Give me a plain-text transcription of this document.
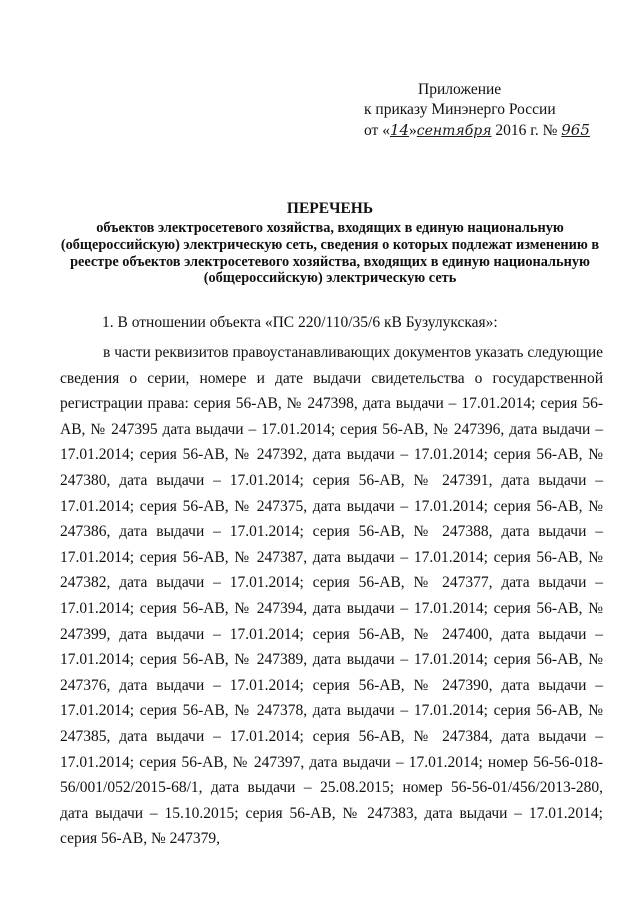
Приложение
к приказу Минэнерго России
от «14»сентября 2016 г. № 965
ПЕРЕЧЕНЬ
объектов электросетевого хозяйства, входящих в единую национальную (общероссийскую) электрическую сеть, сведения о которых подлежат изменению в реестре объектов электросетевого хозяйства, входящих в единую национальную (общероссийскую) электрическую сеть
1. В отношении объекта «ПС 220/110/35/6 кВ Бузулукская»:
в части реквизитов правоустанавливающих документов указать следующие сведения о серии, номере и дате выдачи свидетельства о государственной регистрации права: серия 56-АВ, № 247398, дата выдачи – 17.01.2014; серия 56-АВ, № 247395 дата выдачи – 17.01.2014; серия 56-АВ, № 247396, дата выдачи – 17.01.2014; серия 56-АВ, № 247392, дата выдачи – 17.01.2014; серия 56-АВ, № 247380, дата выдачи – 17.01.2014; серия 56-АВ, № 247391, дата выдачи – 17.01.2014; серия 56-АВ, № 247375, дата выдачи – 17.01.2014; серия 56-АВ, № 247386, дата выдачи – 17.01.2014; серия 56-АВ, № 247388, дата выдачи – 17.01.2014; серия 56-АВ, № 247387, дата выдачи – 17.01.2014; серия 56-АВ, № 247382, дата выдачи – 17.01.2014; серия 56-АВ, № 247377, дата выдачи – 17.01.2014; серия 56-АВ, № 247394, дата выдачи – 17.01.2014; серия 56-АВ, № 247399, дата выдачи – 17.01.2014; серия 56-АВ, № 247400, дата выдачи – 17.01.2014; серия 56-АВ, № 247389, дата выдачи – 17.01.2014; серия 56-АВ, № 247376, дата выдачи – 17.01.2014; серия 56-АВ, № 247390, дата выдачи – 17.01.2014; серия 56-АВ, № 247378, дата выдачи – 17.01.2014; серия 56-АВ, № 247385, дата выдачи – 17.01.2014; серия 56-АВ, № 247384, дата выдачи – 17.01.2014; серия 56-АВ, № 247397, дата выдачи – 17.01.2014; номер 56-56-018-56/001/052/2015-68/1, дата выдачи – 25.08.2015; номер 56-56-01/456/2013-280, дата выдачи – 15.10.2015; серия 56-АВ, № 247383, дата выдачи – 17.01.2014; серия 56-АВ, № 247379,
